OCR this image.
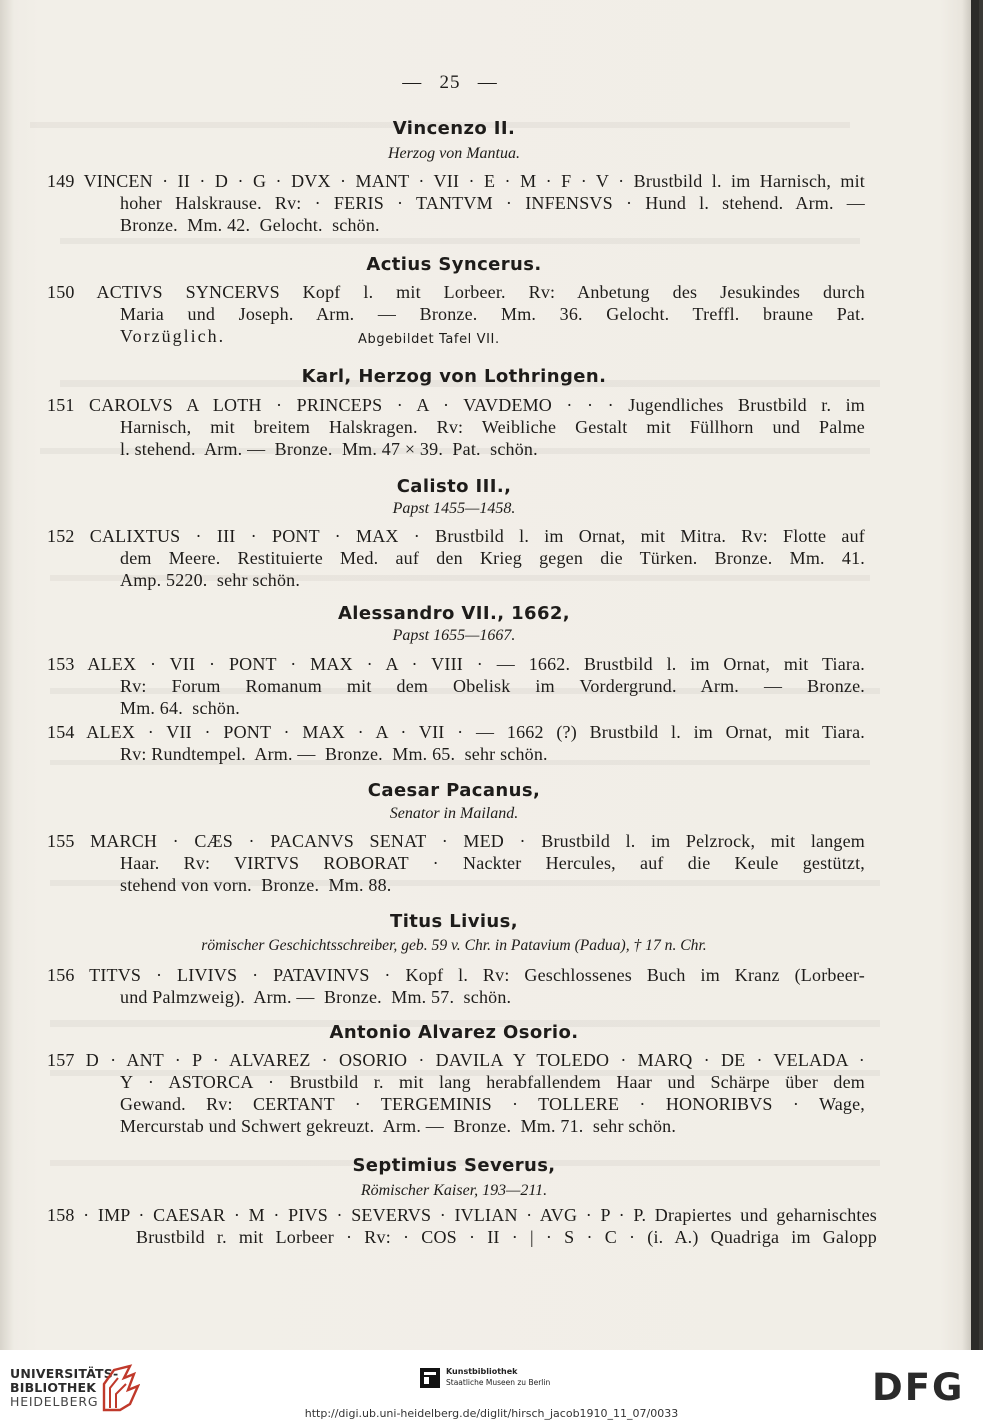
— 25 —
Vincenzo II.
Herzog von Mantua.
149 VINCEN · II · D · G · DVX · MANT · VII · E · M · F · V · Brustbild l. im Harnisch, mit
hoher Halskrause. Rv: · FERIS · TANTVM · INFENSVS · Hund l. stehend. Arm. —
Bronze.  Mm. 42.  Gelocht.  schön.
Actius Syncerus.
150 ACTIVS SYNCERVS Kopf l. mit Lorbeer. Rv: Anbetung des Jesukindes durch
Maria und Joseph. Arm. — Bronze. Mm. 36. Gelocht. Treffl. braune Pat.
Vorzüglich.	Abgebildet Tafel VII.
Karl, Herzog von Lothringen.
151 CAROLVS A LOTH · PRINCEPS · A · VAVDEMO · · · Jugendliches Brustbild r. im
Harnisch, mit breitem Halskragen. Rv: Weibliche Gestalt mit Füllhorn und Palme
l. stehend.  Arm. —  Bronze.  Mm. 47 × 39.  Pat.  schön.
Calisto III.,
Papst 1455—1458.
152 CALIXTUS · III · PONT · MAX · Brustbild l. im Ornat, mit Mitra. Rv: Flotte auf
dem Meere. Restituierte Med. auf den Krieg gegen die Türken. Bronze. Mm. 41.
Amp. 5220.  sehr schön.
Alessandro VII., 1662,
Papst 1655—1667.
153 ALEX · VII · PONT · MAX · A · VIII · — 1662. Brustbild l. im Ornat, mit Tiara.
Rv: Forum Romanum mit dem Obelisk im Vordergrund. Arm. — Bronze.
Mm. 64.  schön.
154 ALEX · VII · PONT · MAX · A · VII · — 1662 (?) Brustbild l. im Ornat, mit Tiara.
Rv: Rundtempel.  Arm. —  Bronze.  Mm. 65.  sehr schön.
Caesar Pacanus,
Senator in Mailand.
155 MARCH · CÆS · PACANVS SENAT · MED · Brustbild l. im Pelzrock, mit langem
Haar. Rv: VIRTVS ROBORAT · Nackter Hercules, auf die Keule gestützt,
stehend von vorn.  Bronze.  Mm. 88.
Titus Livius,
römischer Geschichtsschreiber, geb. 59 v. Chr. in Patavium (Padua), † 17 n. Chr.
156 TITVS · LIVIVS · PATAVINVS · Kopf l. Rv: Geschlossenes Buch im Kranz (Lorbeer-
und Palmzweig).  Arm. —  Bronze.  Mm. 57.  schön.
Antonio Alvarez Osorio.
157 D · ANT · P · ALVAREZ · OSORIO · DAVILA Y TOLEDO · MARQ · DE · VELADA ·
Y · ASTORCA · Brustbild r. mit lang herabfallendem Haar und Schärpe über dem
Gewand. Rv: CERTANT · TERGEMINIS · TOLLERE · HONORIBVS · Wage,
Mercurstab und Schwert gekreuzt.  Arm. —  Bronze.  Mm. 71.  sehr schön.
Septimius Severus,
Römischer Kaiser, 193—211.
158 · IMP · CAESAR · M · PIVS · SEVERVS · IVLIAN · AVG · P · P. Drapiertes und geharnischtes
Brustbild r. mit Lorbeer · Rv: · COS · II · | · S · C · (i. A.) Quadriga im Galopp
UNIVERSITÄTS-
BIBLIOTHEK
HEIDELBERG
Kunstbibliothek
Staatliche Museen zu Berlin	DFG
http://digi.ub.uni-heidelberg.de/diglit/hirsch_jacob1910_11_07/0033
